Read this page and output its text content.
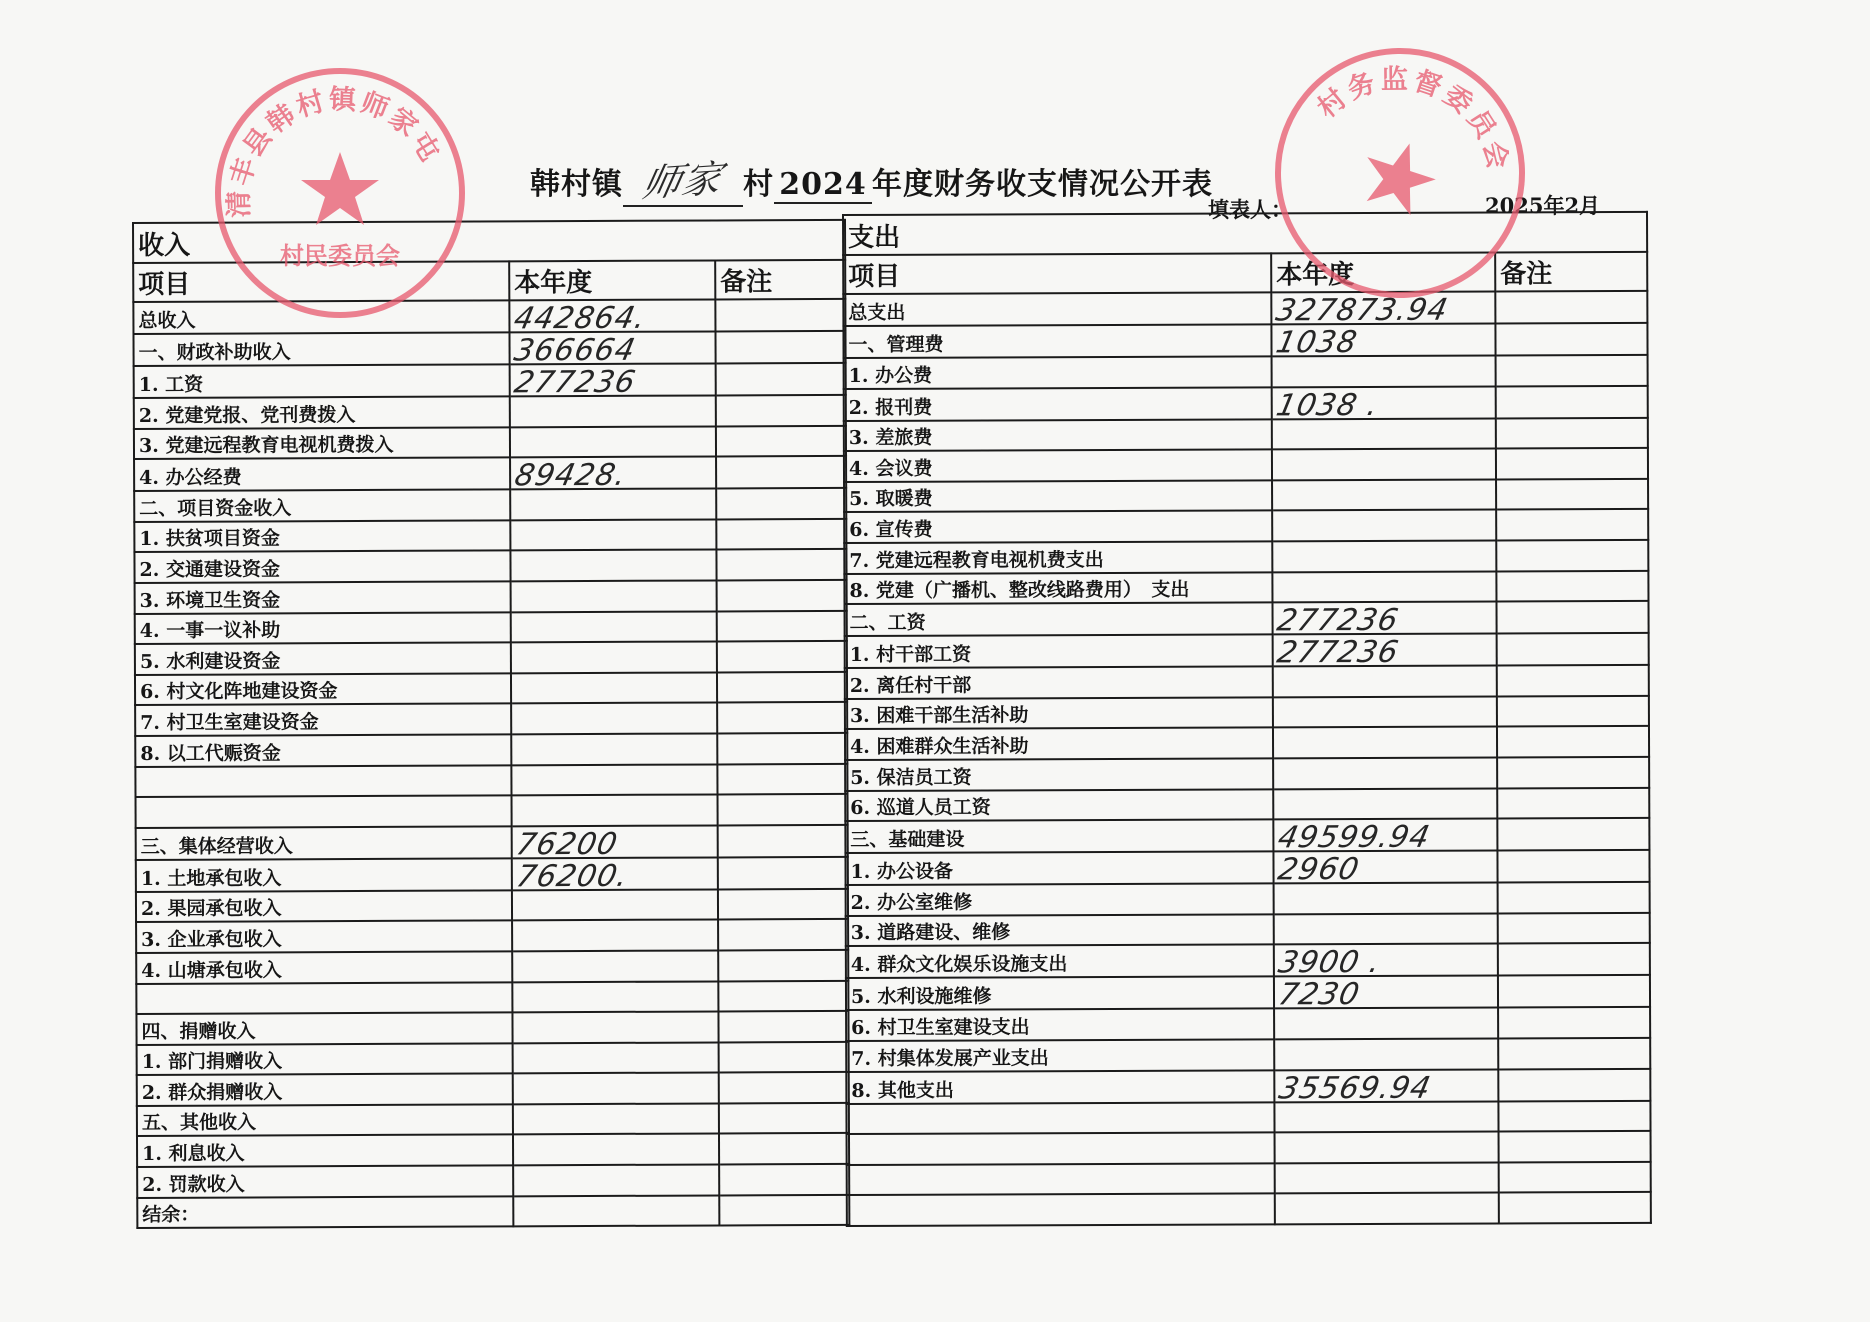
韩村镇 师家 村 2024 年度财务收支情况公开表
填表人：	2025年2月
收入		
项目	本年度	备注
总收入	442864.	
一、财政补助收入	366664	
1. 工资	277236	
2. 党建党报、党刊费拨入		
3. 党建远程教育电视机费拨入		
4. 办公经费	89428.	
二、项目资金收入		
1. 扶贫项目资金		
2. 交通建设资金		
3. 环境卫生资金		
4. 一事一议补助		
5. 水利建设资金		
6. 村文化阵地建设资金		
7. 村卫生室建设资金		
8. 以工代赈资金		

三、集体经营收入	76200	
1. 土地承包收入	76200.	
2. 果园承包收入		
3. 企业承包收入		
4. 山塘承包收入		

四、捐赠收入		
1. 部门捐赠收入		
2. 群众捐赠收入		
五、其他收入		
1. 利息收入		
2. 罚款收入		
结余：		
支出		
项目	本年度	备注
总支出	327873.94	
一、管理费	1038	
1. 办公费		
2. 报刊费	1038 .	
3. 差旅费		
4. 会议费		
5. 取暖费		
6. 宣传费		
7. 党建远程教育电视机费支出		
8. 党建（广播机、整改线路费用）　支出		
二、工资	277236	
1. 村干部工资	277236	
2. 离任村干部		
3. 困难干部生活补助		
4. 困难群众生活补助		
5. 保洁员工资		
6. 巡道人员工资		
三、基础建设	49599.94	
1. 办公设备	2960	
2. 办公室维修		
3. 道路建设、维修		
4. 群众文化娱乐设施支出	3900 .	
5. 水利设施维修	7230	
6. 村卫生室建设支出		
7. 村集体发展产业支出		
8. 其他支出	35569.94	

清丰县韩村镇师家屯
村民委员会
村务监督委员会
